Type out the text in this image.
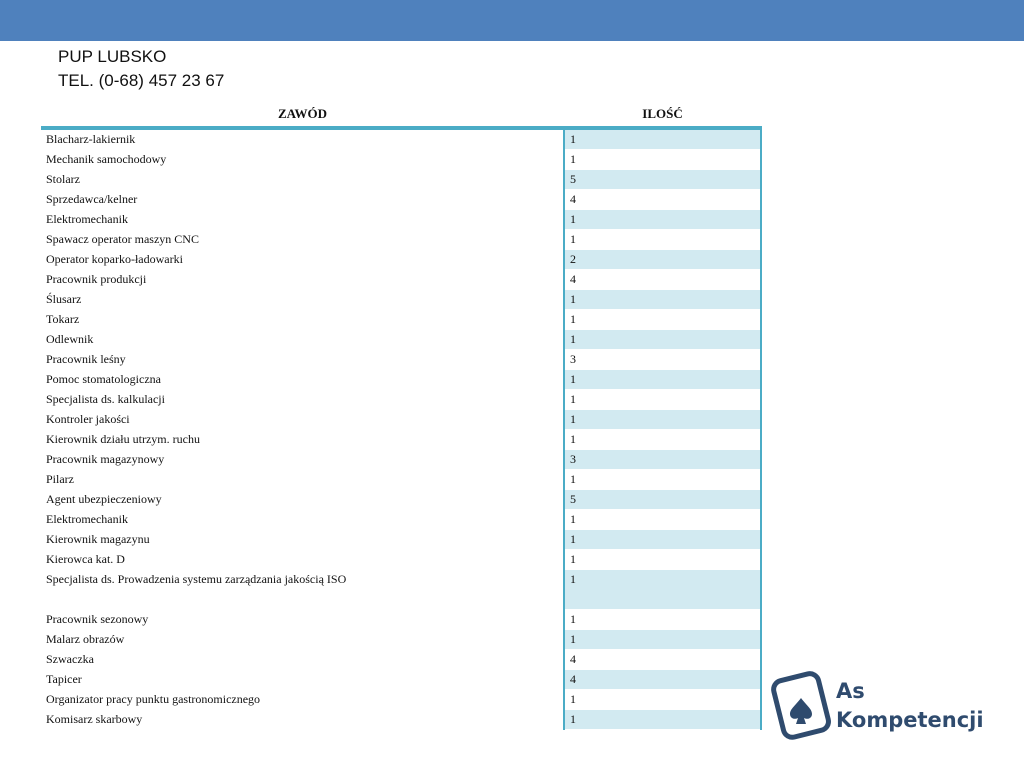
PUP LUBSKO
TEL. (0-68) 457 23 67
ZAWÓD	ILOŚĆ
Blacharz-lakiernik	1
Mechanik samochodowy	1
Stolarz	5
Sprzedawca/kelner	4
Elektromechanik	1
Spawacz operator maszyn CNC	1
Operator koparko-ładowarki	2
Pracownik produkcji	4
Ślusarz	1
Tokarz	1
Odlewnik	1
Pracownik leśny	3
Pomoc stomatologiczna	1
Specjalista ds. kalkulacji	1
Kontroler jakości	1
Kierownik działu utrzym. ruchu	1
Pracownik magazynowy	3
Pilarz	1
Agent ubezpieczeniowy	5
Elektromechanik	1
Kierownik magazynu	1
Kierowca kat. D	1
Specjalista ds. Prowadzenia systemu zarządzania jakością ISO	1
Pracownik sezonowy	1
Malarz obrazów	1
Szwaczka	4
Tapicer	4
Organizator pracy punktu gastronomicznego	1
Komisarz skarbowy	1
As
Kompetencji
